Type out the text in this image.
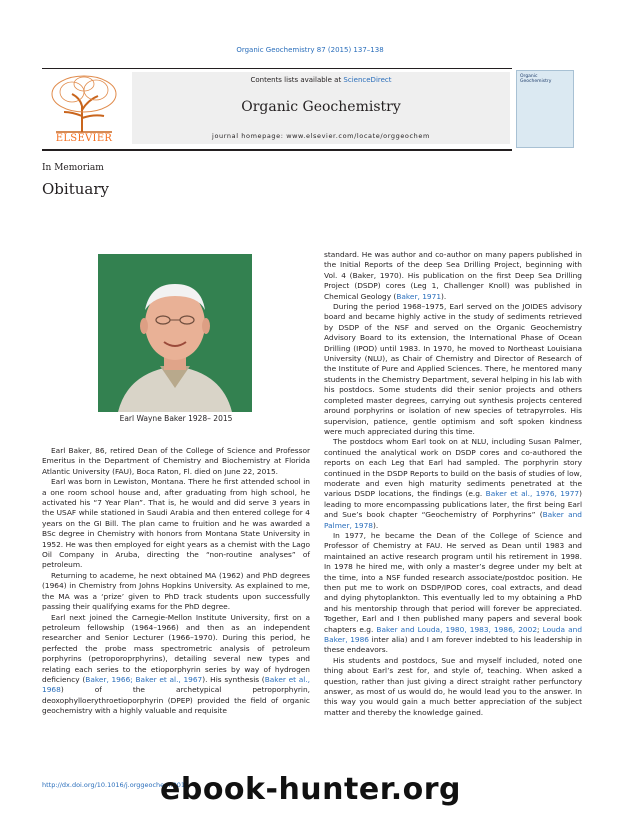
Organic Geochemistry 87 (2015) 137–138
ELSEVIER
Contents lists available at ScienceDirect
Organic Geochemistry
journal homepage: www.elsevier.com/locate/orggeochem
Organic Geochemistry
In Memoriam
Obituary
Earl Wayne Baker 1928– 2015

Earl Baker, 86, retired Dean of the College of Science and Professor Emeritus in the Department of Chemistry and Biochemistry at Florida Atlantic University (FAU), Boca Raton, Fl. died on June 22, 2015.

Earl was born in Lewiston, Montana. There he first attended school in a one room school house and, after graduating from high school, he activated his “7 Year Plan”. That is, he would and did serve 3 years in the USAF while stationed in Saudi Arabia and then entered college for 4 years on the GI Bill. The plan came to fruition and he was awarded a BSc degree in Chemistry with honors from Montana State University in 1952. He was then employed for eight years as a chemist with the Lago Oil Company in Aruba, directing the “non-routine analyses” of petroleum.

Returning to academe, he next obtained MA (1962) and PhD degrees (1964) in Chemistry from Johns Hopkins University. As explained to me, the MA was a ‘prize’ given to PhD track students upon successfully passing their qualifying exams for the PhD degree.

Earl next joined the Carnegie-Mellon Institute University, first on a petroleum fellowship (1964–1966) and then as an independent researcher and Senior Lecturer (1966–1970). During this period, he perfected the probe mass spectrometric analysis of petroleum porphyrins (petroporoprphyrins), detailing several new types and relating each series to the etioporphyrin series by way of hydrogen deficiency (Baker, 1966; Baker et al., 1967). His synthesis (Baker et al., 1968) of the archetypical petroporphyrin, deoxophylloerythroetioporphyrin (DPEP) provided the field of organic geochemistry with a highly valuable and requisite

standard. He was author and co-author on many papers published in the Initial Reports of the deep Sea Drilling Project, beginning with Vol. 4 (Baker, 1970). His publication on the first Deep Sea Drilling Project (DSDP) cores (Leg 1, Challenger Knoll) was published in Chemical Geology (Baker, 1971).

During the period 1968–1975, Earl served on the JOIDES advisory board and became highly active in the study of sediments retrieved by DSDP of the NSF and served on the Organic Geochemistry Advisory Board to its extension, the International Phase of Ocean Drilling (IPOD) until 1983. In 1970, he moved to Northeast Louisiana University (NLU), as Chair of Chemistry and Director of Research of the Institute of Pure and Applied Sciences. There, he mentored many students in the Chemistry Department, several helping in his lab with his postdocs. Some students did their senior projects and others completed master degrees, carrying out synthesis projects centered around porphyrins or isolation of new species of tetrapyrroles. His supervision, patience, gentle optimism and soft spoken kindness were much appreciated during this time.

The postdocs whom Earl took on at NLU, including Susan Palmer, continued the analytical work on DSDP cores and co-authored the reports on each Leg that Earl had sampled. The porphyrin story continued in the DSDP Reports to build on the basis of studies of low, moderate and even high maturity sediments penetrated at the various DSDP locations, the findings (e.g. Baker et al., 1976, 1977) leading to more encompassing publications later, the first being Earl and Sue’s book chapter “Geochemistry of Porphyrins” (Baker and Palmer, 1978).

In 1977, he became the Dean of the College of Science and Professor of Chemistry at FAU. He served as Dean until 1983 and maintained an active research program until his retirement in 1998. In 1978 he hired me, with only a master’s degree under my belt at the time, into a NSF funded research associate/postdoc position. He then put me to work on DSDP/IPOD cores, coal extracts, and dead and dying phytoplankton. This eventually led to my obtaining a PhD and his mentorship through that period will forever be appreciated. Together, Earl and I then published many papers and several book chapters e.g. Baker and Louda, 1980, 1983, 1986, 2002; Louda and Baker, 1986 inter alia) and I am forever indebted to his leadership in these endeavors.

His students and postdocs, Sue and myself included, noted one thing about Earl’s zest for, and style of, teaching. When asked a question, rather than just giving a direct straight rather perfunctory answer, as most of us would do, he would lead you to the answer. In this way you would gain a much better appreciation of the subject matter and thereby the knowledge gained.

http://dx.doi.org/10.1016/j.orggeochem.2015
ebook-hunter.org
